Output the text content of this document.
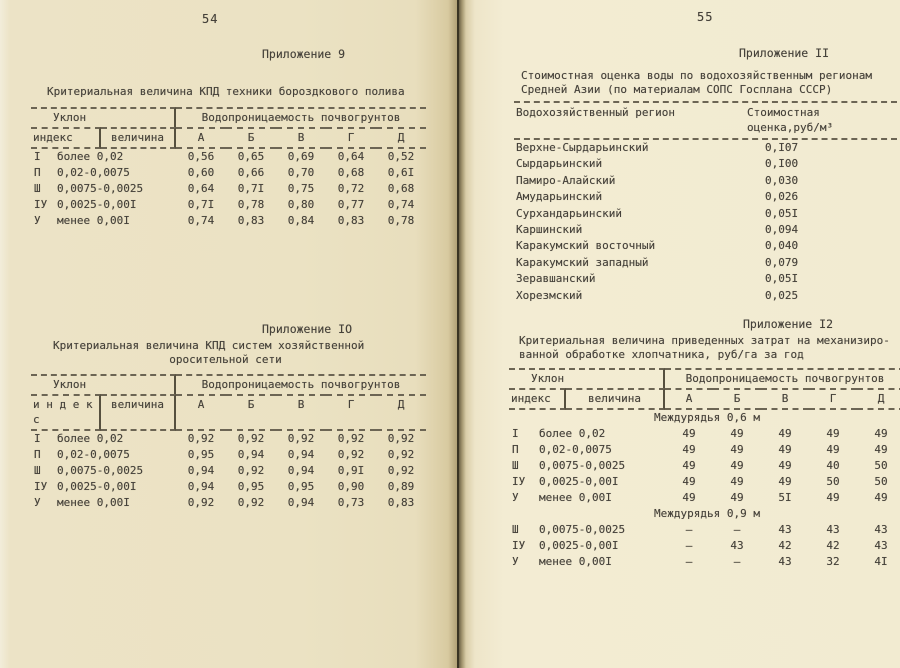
54
Приложение 9
Критериальная величина КПД техники бороздкового полива
Уклон	Водопроницаемость почвогрунтов
индекс	величина	А	Б	В	Г	Д
I	более 0,02	0,56	0,65	0,69	0,64	0,52
П	0,02-0,0075	0,60	0,66	0,70	0,68	0,6I
Ш	0,0075-0,0025	0,64	0,7I	0,75	0,72	0,68
IУ 0,0025-0,00I	0,7I	0,78	0,80	0,77	0,74
У	менее 0,00I	0,74	0,83	0,84	0,83	0,78
Приложение IO
Критериальная величина КПД систем хозяйственной
оросительной сети
Уклон	Водопроницаемость почвогрунтов
и н д е к с
величина	А	Б	В	Г	Д
I	более 0,02	0,92	0,92	0,92	0,92	0,92
П	0,02-0,0075	0,95	0,94	0,94	0,92	0,92
Ш	0,0075-0,0025	0,94	0,92	0,94	0,9I	0,92
IУ 0,0025-0,00I	0,94	0,95	0,95	0,90	0,89
У	менее 0,00I	0,92	0,92	0,94	0,73	0,83
55
Приложение II
Стоимостная оценка воды по водохозяйственным регионам
Средней Азии (по материалам СОПС Госплана СССР)
Водохозяйственный регион	Стоимостная оценка,руб/м³
Верхне-Сырдарьинский	0,I07
Сырдарьинский	0,I00
Памиро-Алайский	0,030
Амударьинский	0,026
Сурхандарьинский	0,05I
Каршинский	0,094
Каракумский восточный	0,040
Каракумский западный	0,079
Зеравшанский	0,05I
Хорезмский	0,025
Приложение I2
Критериальная величина приведенных затрат на механизиро-
ванной обработке хлопчатника, руб/га за год
Уклон	Водопроницаемость почвогрунтов
индекс	величина	А	Б	В	Г	Д
Междурядья 0,6 м
I	более 0,02	49	49	49	49	49
П	0,02-0,0075	49	49	49	49	49
Ш	0,0075-0,0025	49	49	49	40	50
IУ	0,0025-0,00I	49	49	49	50	50
У	менее 0,00I	49	49	5I	49	49
Междурядья 0,9 м
Ш	0,0075-0,0025	–	–	43	43	43
IУ	0,0025-0,00I	–	43	42	42	43
У	менее 0,00I	–	–	43	32	4I
